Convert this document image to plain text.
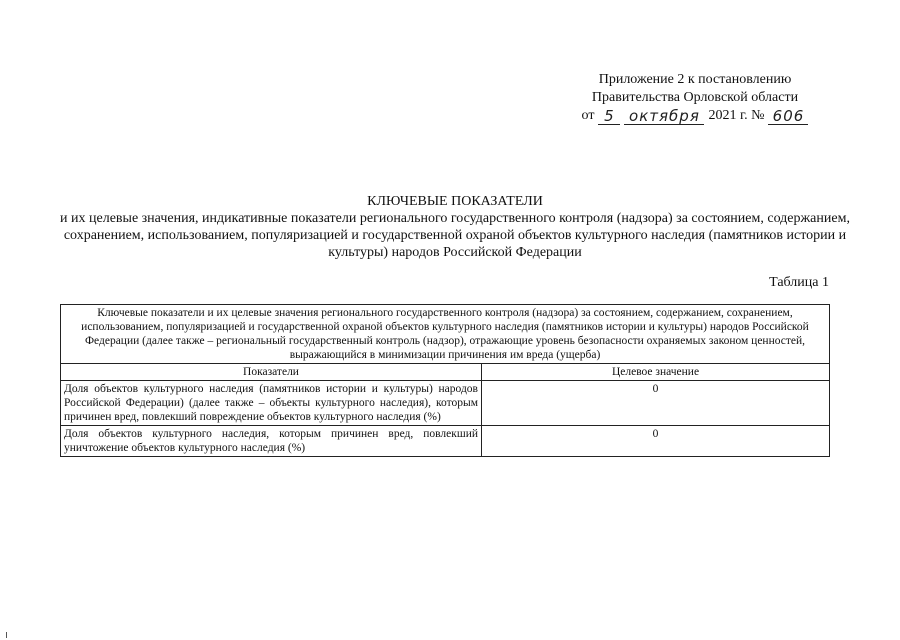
Приложение 2 к постановлению
Правительства Орловской области
от 5 октября 2021 г. № 606
КЛЮЧЕВЫЕ ПОКАЗАТЕЛИ
и их целевые значения, индикативные показатели регионального государственного контроля (надзора) за состоянием, содержанием, сохранением, использованием, популяризацией и государственной охраной объектов культурного наследия (памятников истории и культуры) народов Российской Федерации
Таблица 1
Ключевые показатели и их целевые значения регионального государственного контроля (надзора) за состоянием, содержанием, сохранением, использованием, популяризацией и государственной охраной объектов культурного наследия (памятников истории и культуры) народов Российской Федерации (далее также – региональный государственный контроль (надзор), отражающие уровень безопасности охраняемых законом ценностей, выражающийся в минимизации причинения им вреда (ущерба)	
Показатели	Целевое значение
Доля объектов культурного наследия (памятников истории и культуры) народов Российской Федерации) (далее также – объекты культурного наследия), которым причинен вред, повлекший повреждение объектов культурного наследия (%)	0
Доля объектов культурного наследия, которым причинен вред, повлекший уничтожение объектов культурного наследия (%)	0
